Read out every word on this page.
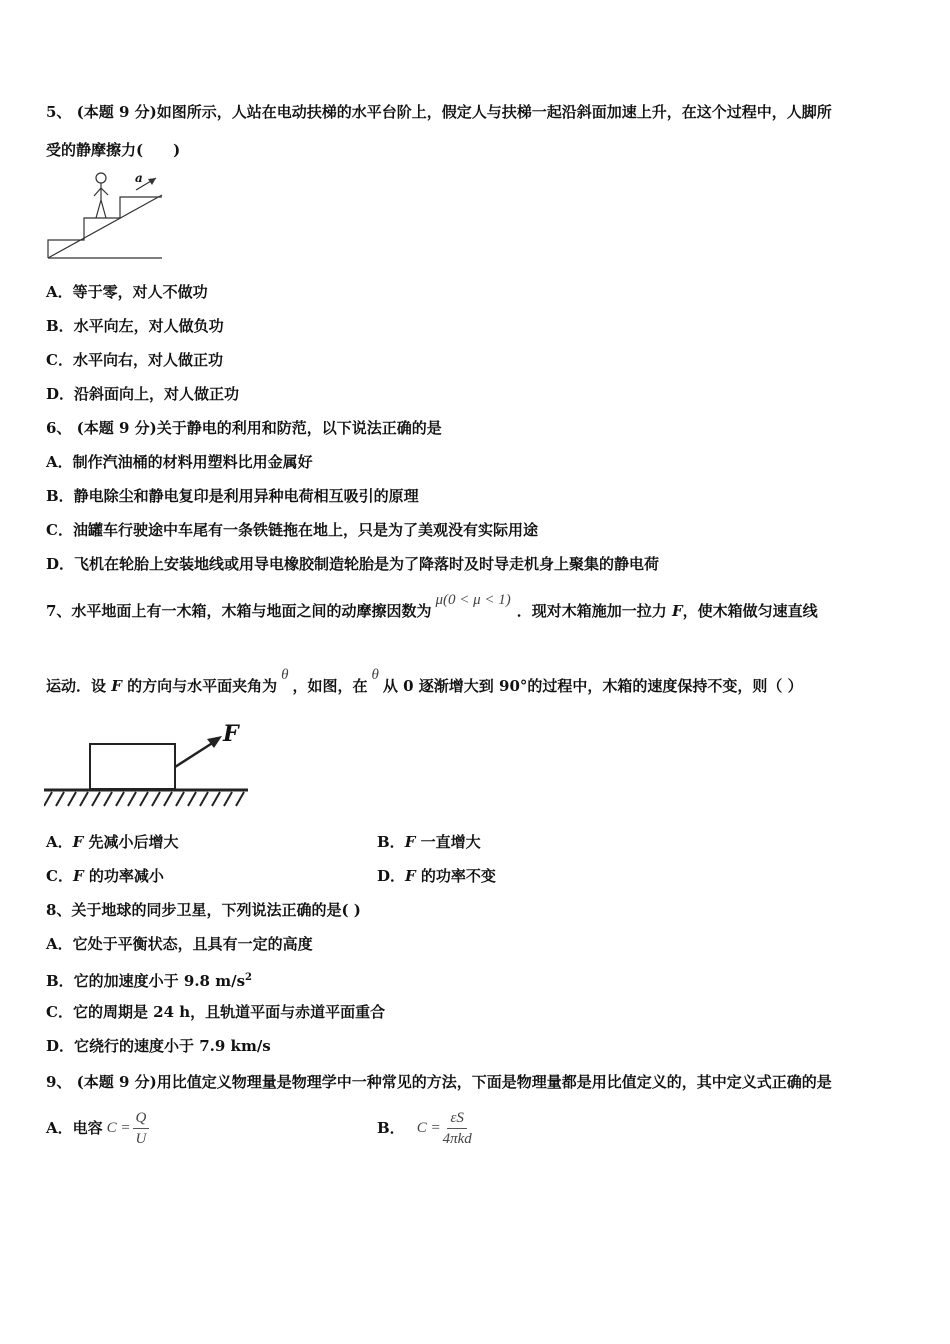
5、 (本题 9 分)如图所示，人站在电动扶梯的水平台阶上，假定人与扶梯一起沿斜面加速上升，在这个过程中，人脚所
受的静摩擦力(　　)
a
A．等于零，对人不做功
B．水平向左，对人做负功
C．水平向右，对人做正功
D．沿斜面向上，对人做正功
6、 (本题 9 分)关于静电的利用和防范，以下说法正确的是
A．制作汽油桶的材料用塑料比用金属好
B．静电除尘和静电复印是利用异种电荷相互吸引的原理
C．油罐车行驶途中车尾有一条铁链拖在地上，只是为了美观没有实际用途
D．飞机在轮胎上安装地线或用导电橡胶制造轮胎是为了降落时及时导走机身上聚集的静电荷
7、水平地面上有一木箱，木箱与地面之间的动摩擦因数为μ(0 < μ < 1)．现对木箱施加一拉力 F，使木箱做匀速直线
运动．设 F 的方向与水平面夹角为θ，如图，在θ从 0 逐渐增大到 90°的过程中，木箱的速度保持不变，则（ ）
F
A．F 先减小后增大	B．F 一直增大
C．F 的功率减小	D．F 的功率不变
8、关于地球的同步卫星，下列说法正确的是( )
A．它处于平衡状态，且具有一定的高度
B．它的加速度小于 9.8 $m/s^2$
C．它的周期是 24 h，且轨道平面与赤道平面重合
D．它绕行的速度小于 7.9 km/s
9、 (本题 9 分)用比值定义物理量是物理学中一种常见的方法，下面是物理量都是用比值定义的，其中定义式正确的是
A．电容 $C = \frac{Q}{U}$	B． $C = \frac{\varepsilon S}{\text{4πkd}}$
